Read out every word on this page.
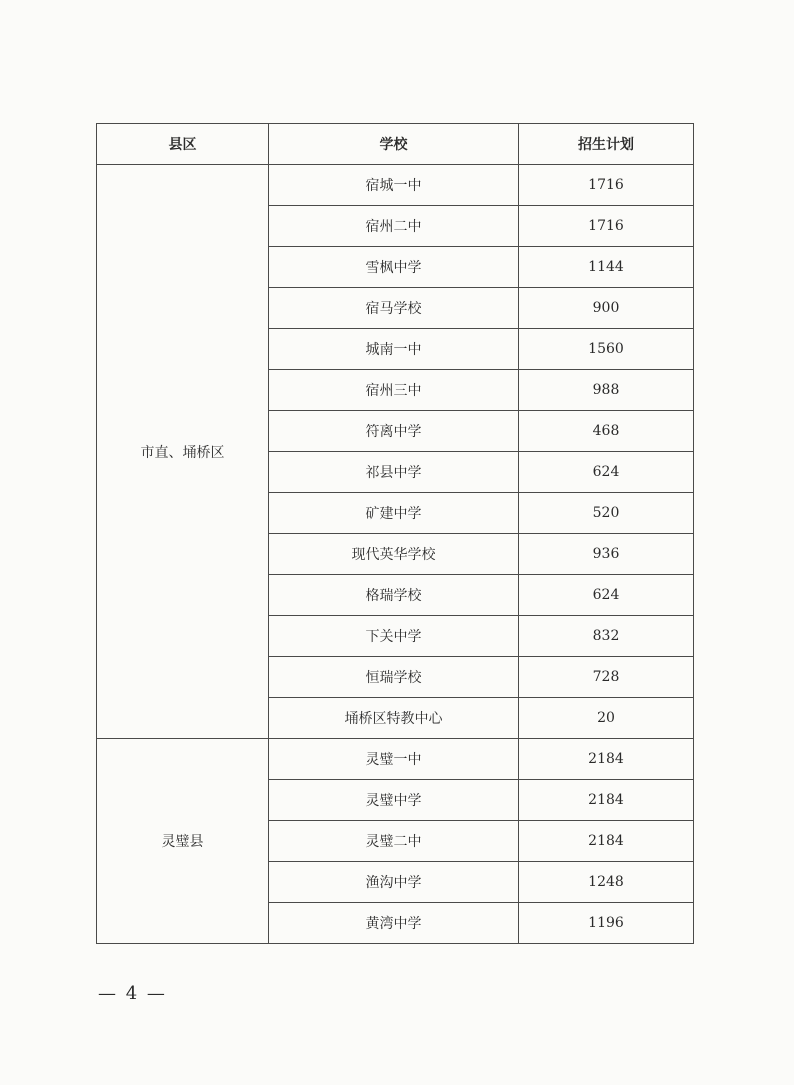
县区	学校	招生计划
市直、埇桥区	宿城一中	1716
	宿州二中	1716
	雪枫中学	1144
	宿马学校	900
	城南一中	1560
	宿州三中	988
	符离中学	468
	祁县中学	624
	矿建中学	520
	现代英华学校	936
	格瑞学校	624
	下关中学	832
	恒瑞学校	728
	埇桥区特教中心	20
灵璧县	灵璧一中	2184
	灵璧中学	2184
	灵璧二中	2184
	渔沟中学	1248
	黄湾中学	1196
— 4 —
